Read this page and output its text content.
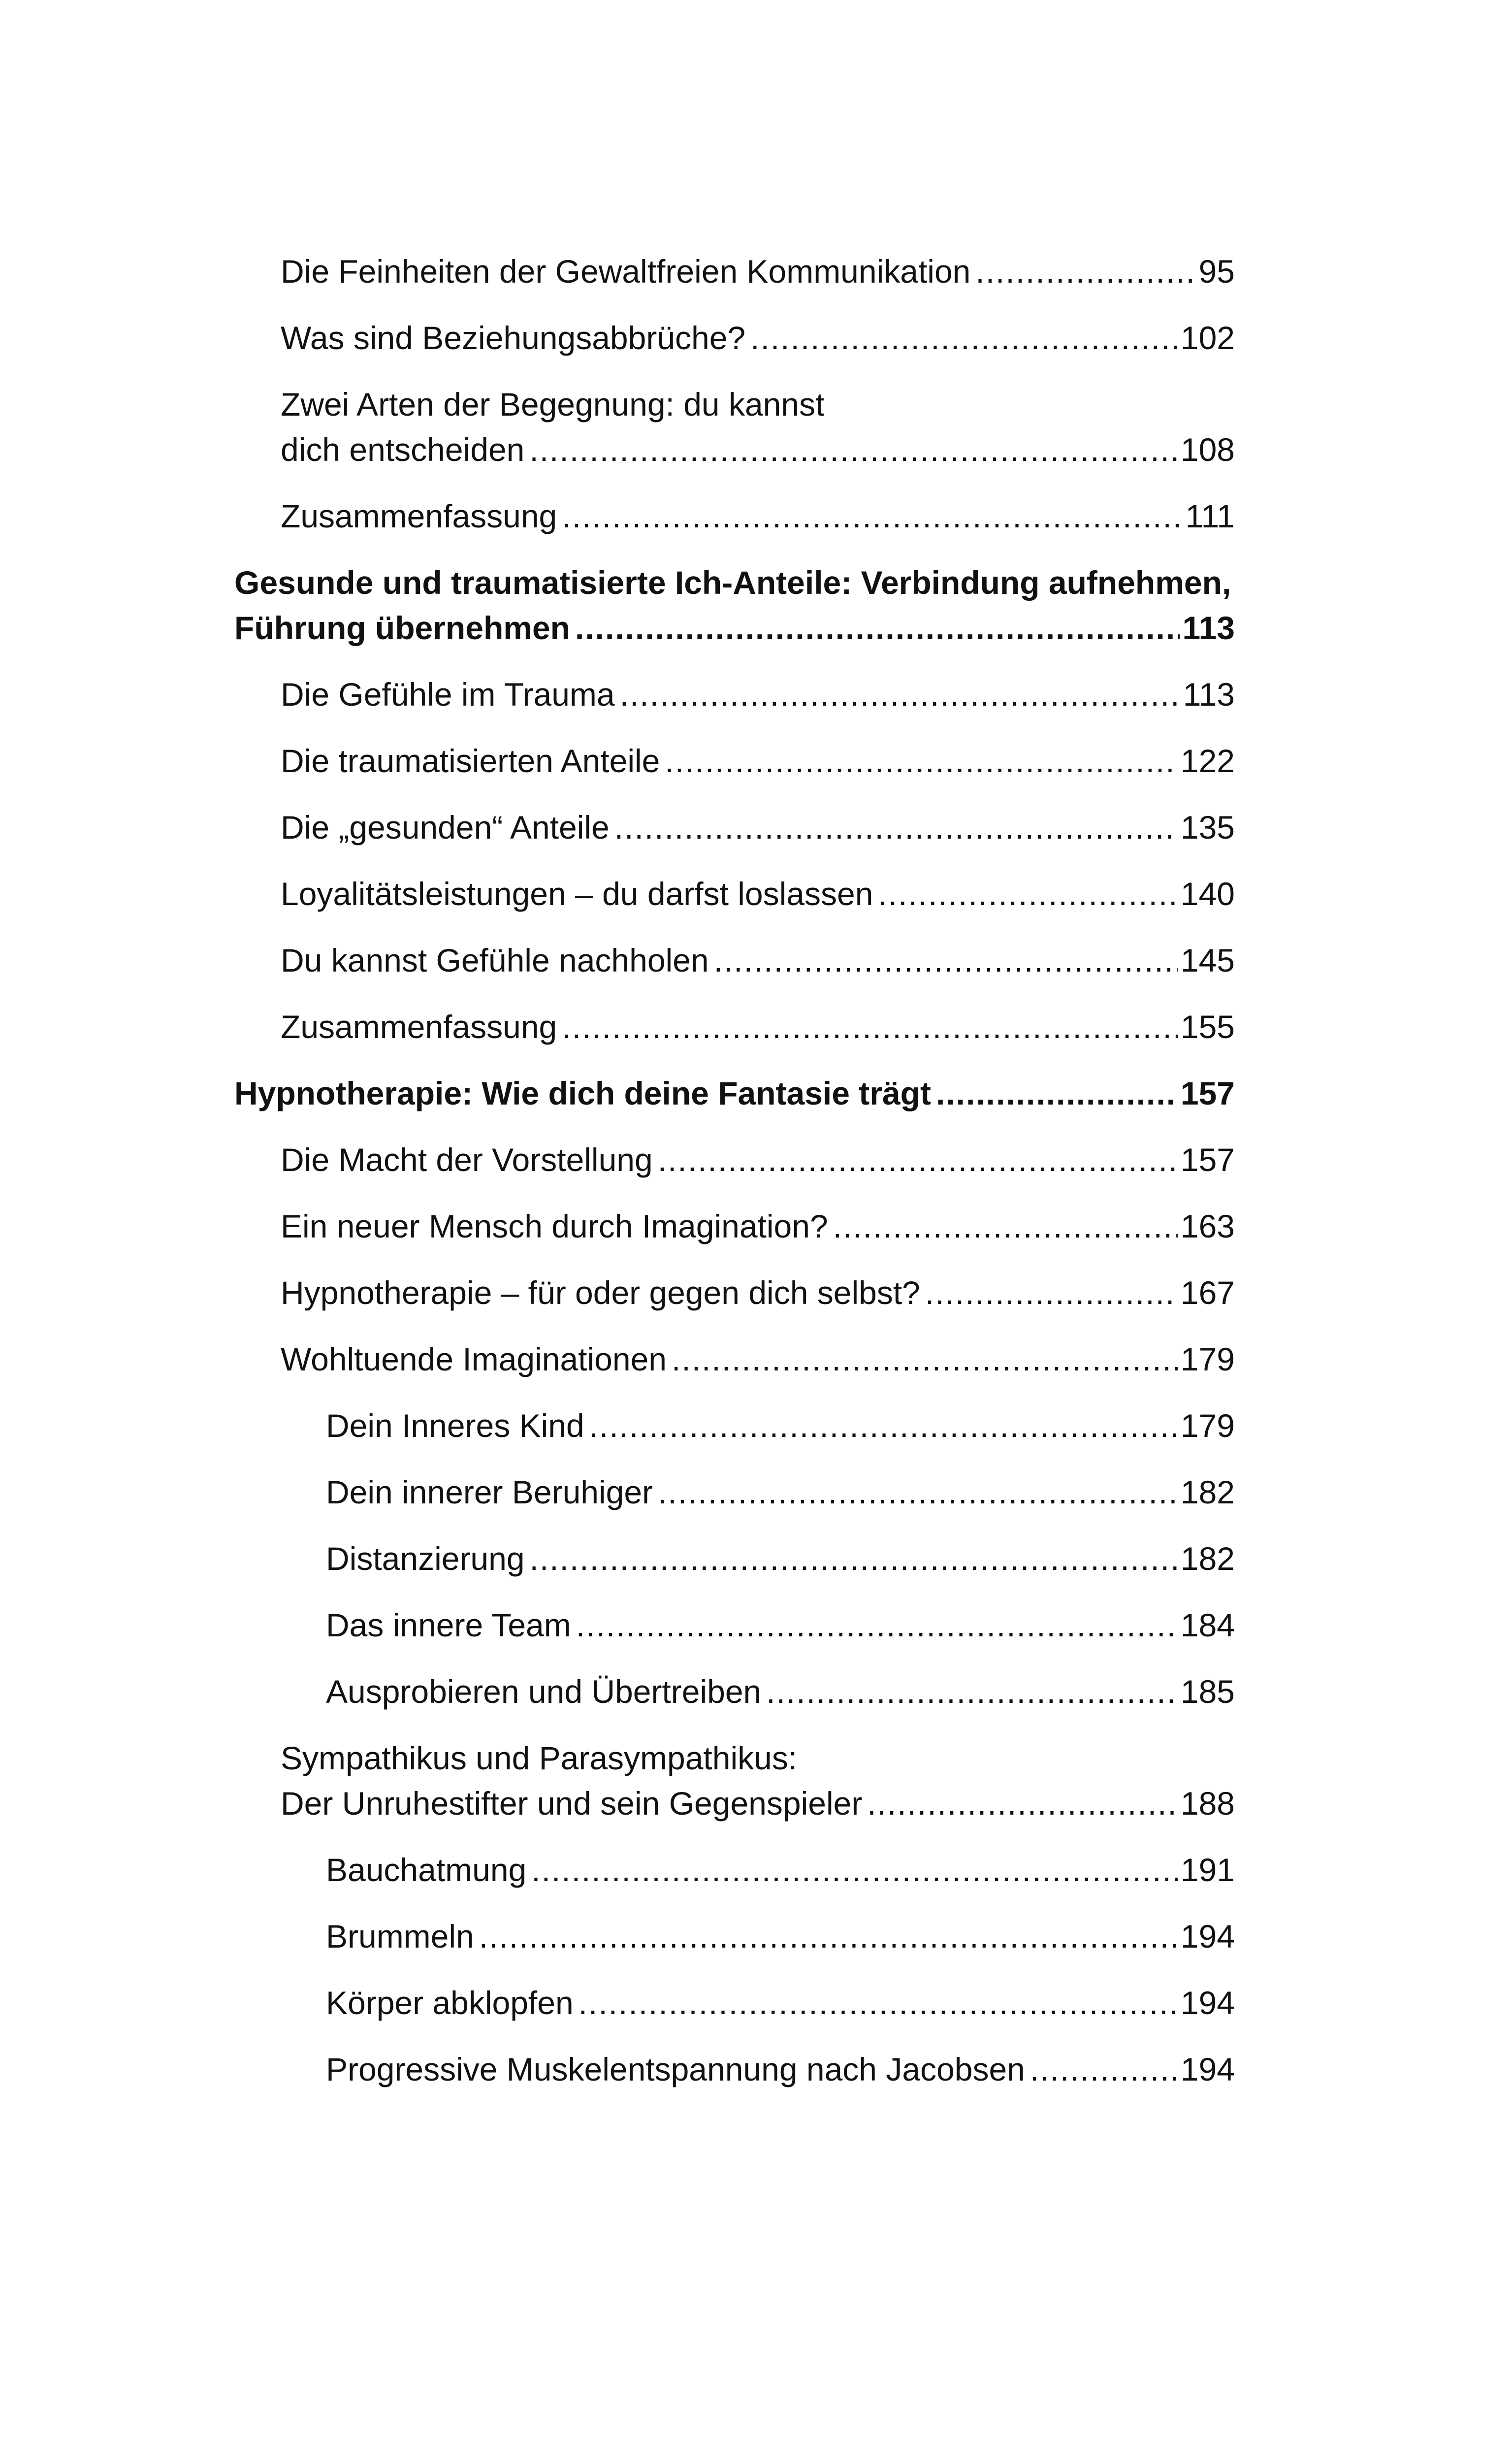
Die Feinheiten der Gewaltfreien Kommunikation .....	95
Was sind Beziehungsabbrüche? .....	102
Zwei Arten der Begegnung: du kannst
dich entscheiden .....	108
Zusammenfassung .....	111
Gesunde und traumatisierte Ich-Anteile: Verbindung aufnehmen,
Führung übernehmen .....	113
Die Gefühle im Trauma .....	113
Die traumatisierten Anteile .....	122
Die „gesunden“ Anteile .....	135
Loyalitätsleistungen – du darfst loslassen .....	140
Du kannst Gefühle nachholen .....	145
Zusammenfassung .....	155
Hypnotherapie: Wie dich deine Fantasie trägt .....	157
Die Macht der Vorstellung .....	157
Ein neuer Mensch durch Imagination? .....	163
Hypnotherapie – für oder gegen dich selbst? .....	167
Wohltuende Imaginationen .....	179
Dein Inneres Kind .....	179
Dein innerer Beruhiger .....	182
Distanzierung .....	182
Das innere Team .....	184
Ausprobieren und Übertreiben .....	185
Sympathikus und Parasympathikus:
Der Unruhestifter und sein Gegenspieler .....	188
Bauchatmung .....	191
Brummeln .....	194
Körper abklopfen .....	194
Progressive Muskelentspannung nach Jacobsen .....	194
